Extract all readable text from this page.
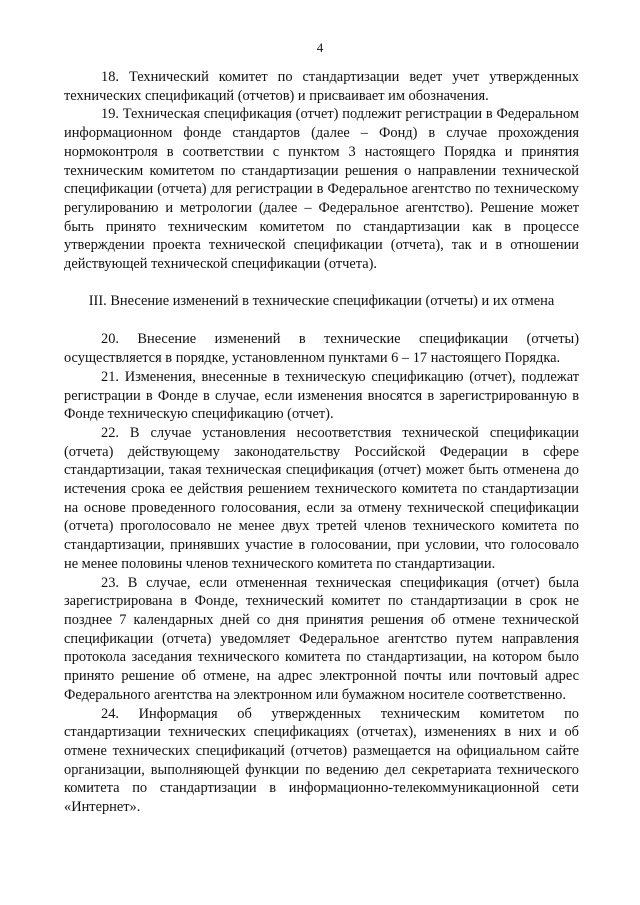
4

18. Технический комитет по стандартизации ведет учет утвержденных технических спецификаций (отчетов) и присваивает им обозначения.

19. Техническая спецификация (отчет) подлежит регистрации в Федеральном информационном фонде стандартов (далее – Фонд) в случае прохождения нормоконтроля в соответствии с пунктом 3 настоящего Порядка и принятия техническим комитетом по стандартизации решения о направлении технической спецификации (отчета) для регистрации в Федеральное агентство по техническому регулированию и метрологии (далее – Федеральное агентство). Решение может быть принято техническим комитетом по стандартизации как в процессе утверждении проекта технической спецификации (отчета), так и в отношении действующей технической спецификации (отчета).

III. Внесение изменений в технические спецификации (отчеты) и их отмена

20. Внесение изменений в технические спецификации (отчеты) осуществляется в порядке, установленном пунктами 6 – 17 настоящего Порядка.

21. Изменения, внесенные в техническую спецификацию (отчет), подлежат регистрации в Фонде в случае, если изменения вносятся в зарегистрированную в Фонде техническую спецификацию (отчет).

22. В случае установления несоответствия технической спецификации (отчета) действующему законодательству Российской Федерации в сфере стандартизации, такая техническая спецификация (отчет) может быть отменена до истечения срока ее действия решением технического комитета по стандартизации на основе проведенного голосования, если за отмену технической спецификации (отчета) проголосовало не менее двух третей членов технического комитета по стандартизации, принявших участие в голосовании, при условии, что голосовало не менее половины членов технического комитета по стандартизации.

23. В случае, если отмененная техническая спецификация (отчет) была зарегистрирована в Фонде, технический комитет по стандартизации в срок не позднее 7 календарных дней со дня принятия решения об отмене технической спецификации (отчета) уведомляет Федеральное агентство путем направления протокола заседания технического комитета по стандартизации, на котором было принято решение об отмене, на адрес электронной почты или почтовый адрес Федерального агентства на электронном или бумажном носителе соответственно.

24. Информация об утвержденных техническим комитетом по стандартизации технических спецификациях (отчетах), изменениях в них и об отмене технических спецификаций (отчетов) размещается на официальном сайте организации, выполняющей функции по ведению дел секретариата технического комитета по стандартизации в информационно-телекоммуникационной сети «Интернет».
